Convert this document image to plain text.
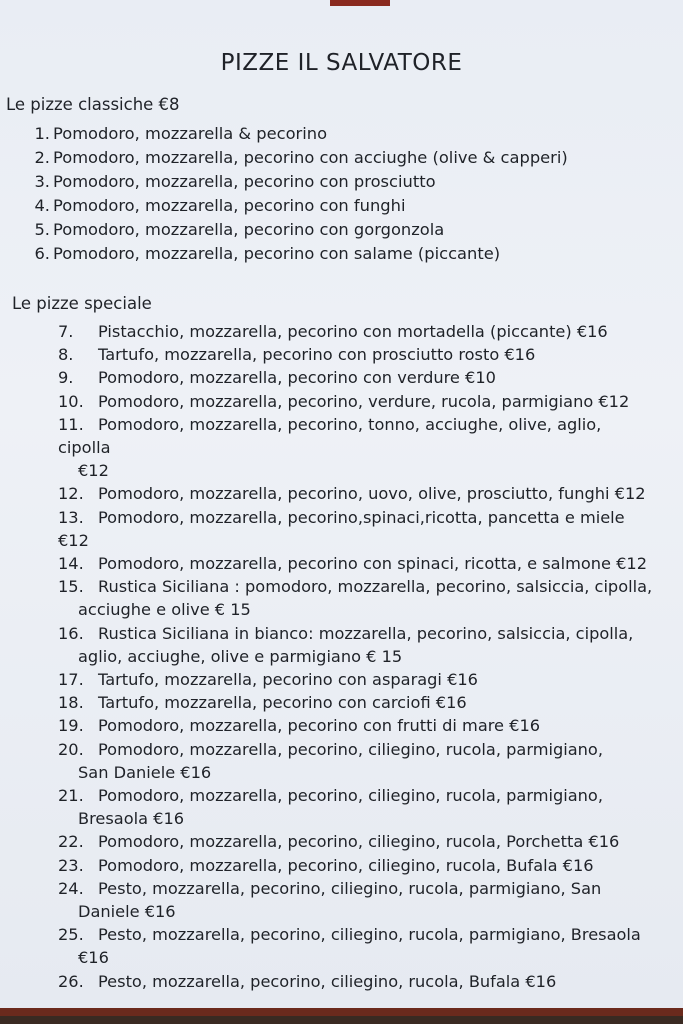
PIZZE IL SALVATORE
Le pizze classiche €8
1. Pomodoro, mozzarella & pecorino
2. Pomodoro, mozzarella, pecorino con acciughe (olive & capperi)
3. Pomodoro, mozzarella, pecorino con prosciutto
4. Pomodoro, mozzarella, pecorino con funghi
5. Pomodoro, mozzarella, pecorino con gorgonzola
6. Pomodoro, mozzarella, pecorino con salame (piccante)
Le pizze speciale
7. Pistacchio, mozzarella, pecorino con mortadella (piccante) €16
8. Tartufo, mozzarella, pecorino con prosciutto rosto €16
9. Pomodoro, mozzarella, pecorino con verdure €10
10. Pomodoro, mozzarella, pecorino, verdure, rucola, parmigiano €12
11. Pomodoro, mozzarella, pecorino, tonno, acciughe, olive, aglio, cipolla
€12
12. Pomodoro, mozzarella, pecorino, uovo, olive, prosciutto, funghi €12
13. Pomodoro, mozzarella, pecorino,spinaci,ricotta, pancetta e miele €12
14. Pomodoro, mozzarella, pecorino con spinaci, ricotta, e salmone €12
15. Rustica Siciliana : pomodoro, mozzarella, pecorino, salsiccia, cipolla,
acciughe e olive € 15
16. Rustica Siciliana in bianco: mozzarella, pecorino, salsiccia, cipolla,
aglio, acciughe, olive e parmigiano € 15
17. Tartufo, mozzarella, pecorino con asparagi €16
18. Tartufo, mozzarella, pecorino con carciofi €16
19. Pomodoro, mozzarella, pecorino con frutti di mare €16
20. Pomodoro, mozzarella, pecorino, ciliegino, rucola, parmigiano,
San Daniele €16
21. Pomodoro, mozzarella, pecorino, ciliegino, rucola, parmigiano,
Bresaola €16
22. Pomodoro, mozzarella, pecorino, ciliegino, rucola, Porchetta €16
23. Pomodoro, mozzarella, pecorino, ciliegino, rucola, Bufala €16
24. Pesto, mozzarella, pecorino, ciliegino, rucola, parmigiano, San
Daniele €16
25. Pesto, mozzarella, pecorino, ciliegino, rucola, parmigiano, Bresaola
€16
26. Pesto, mozzarella, pecorino, ciliegino, rucola, Bufala €16
